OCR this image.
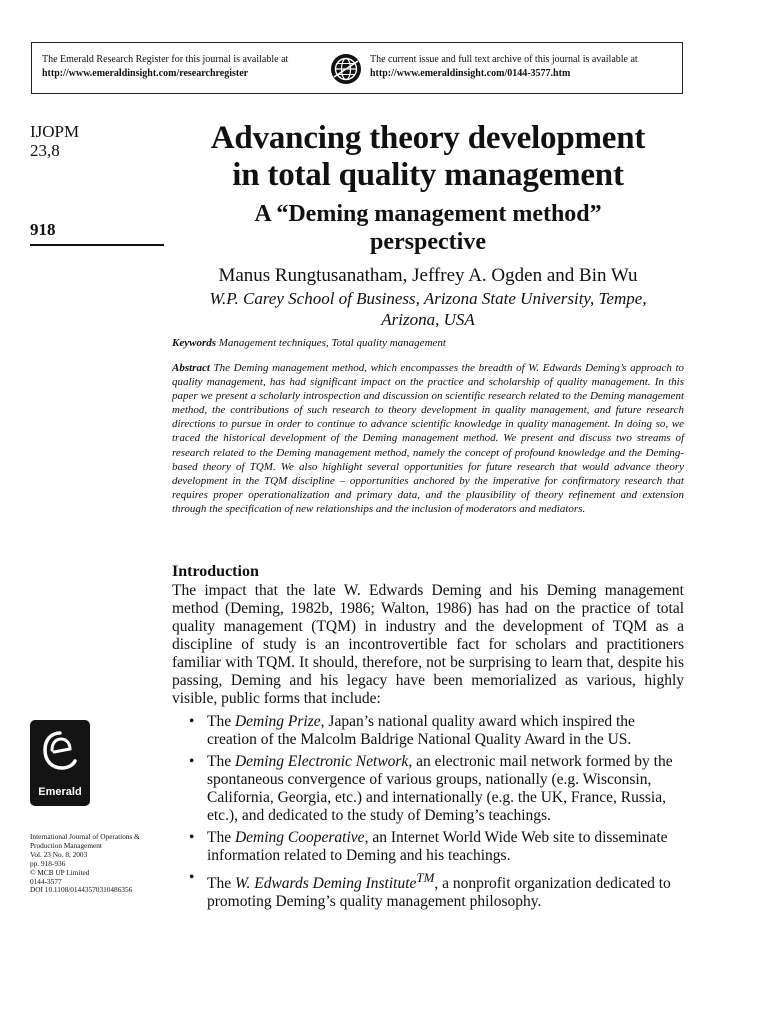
The Emerald Research Register for this journal is available at
http://www.emeraldinsight.com/researchregister
The current issue and full text archive of this journal is available at
http://www.emeraldinsight.com/0144-3577.htm
IJOPM
23,8
918
Advancing theory development
in total quality management
A “Deming management method”
perspective
Manus Rungtusanatham, Jeffrey A. Ogden and Bin Wu
W.P. Carey School of Business, Arizona State University, Tempe,
Arizona, USA
Keywords Management techniques, Total quality management

Abstract The Deming management method, which encompasses the breadth of W. Edwards Deming’s approach to quality management, has had significant impact on the practice and scholarship of quality management. In this paper we present a scholarly introspection and discussion on scientific research related to the Deming management method, the contributions of such research to theory development in quality management, and future research directions to pursue in order to continue to advance scientific knowledge in quality management. In doing so, we traced the historical development of the Deming management method. We present and discuss two streams of research related to the Deming management method, namely the concept of profound knowledge and the Deming-based theory of TQM. We also highlight several opportunities for future research that would advance theory development in the TQM discipline – opportunities anchored by the imperative for confirmatory research that requires proper operationalization and primary data, and the plausibility of theory refinement and extension through the specification of new relationships and the inclusion of moderators and mediators.

Introduction

The impact that the late W. Edwards Deming and his Deming management method (Deming, 1982b, 1986; Walton, 1986) has had on the practice of total quality management (TQM) in industry and the development of TQM as a discipline of study is an incontrovertible fact for scholars and practitioners familiar with TQM. It should, therefore, not be surprising to learn that, despite his passing, Deming and his legacy have been memorialized as various, highly visible, public forms that include:

• The Deming Prize, Japan’s national quality award which inspired the creation of the Malcolm Baldrige National Quality Award in the US.
• The Deming Electronic Network, an electronic mail network formed by the spontaneous convergence of various groups, nationally (e.g. Wisconsin, California, Georgia, etc.) and internationally (e.g. the UK, France, Russia, etc.), and dedicated to the study of Deming’s teachings.
• The Deming Cooperative, an Internet World Wide Web site to disseminate information related to Deming and his teachings.
• The W. Edwards Deming Institute™, a nonprofit organization dedicated to promoting Deming’s quality management philosophy.
Emerald
International Journal of Operations &
Production Management
Vol. 23 No. 8, 2003
pp. 918-936
© MCB UP Limited
0144-3577
DOI 10.1108/01443570310486356
